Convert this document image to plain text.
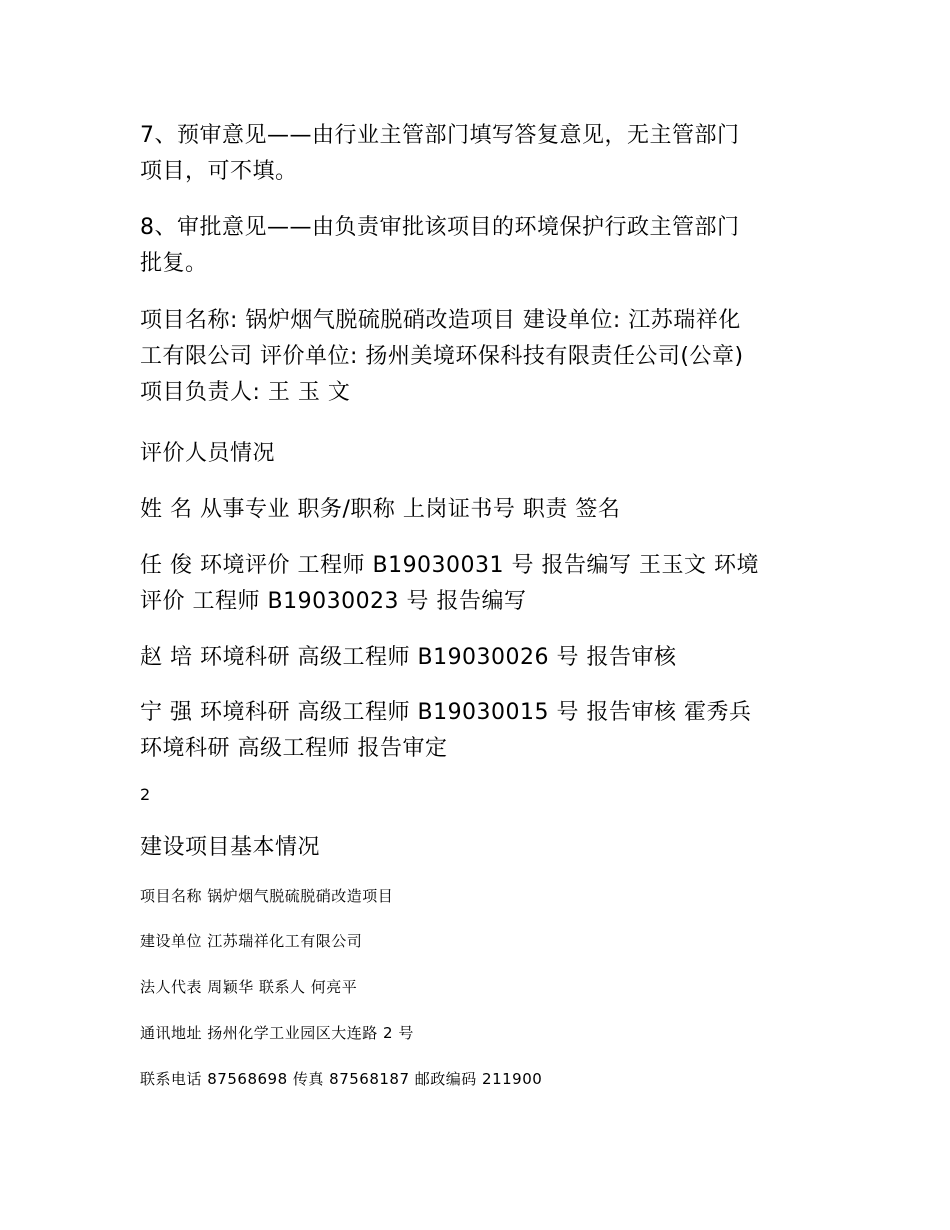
7、预审意见——由行业主管部门填写答复意见，无主管部门
项目，可不填。

8、审批意见——由负责审批该项目的环境保护行政主管部门
批复。

项目名称: 锅炉烟气脱硫脱硝改造项目 建设单位: 江苏瑞祥化
工有限公司 评价单位: 扬州美境环保科技有限责任公司(公章)
项目负责人: 王 玉 文

评价人员情况

姓 名 从事专业 职务/职称 上岗证书号 职责 签名

任 俊 环境评价 工程师 B19030031 号 报告编写 王玉文 环境
评价 工程师 B19030023 号 报告编写

赵 培 环境科研 高级工程师 B19030026 号 报告审核

宁 强 环境科研 高级工程师 B19030015 号 报告审核 霍秀兵
环境科研 高级工程师 报告审定

2

建设项目基本情况

项目名称 锅炉烟气脱硫脱硝改造项目

建设单位 江苏瑞祥化工有限公司

法人代表 周颖华 联系人 何亮平

通讯地址 扬州化学工业园区大连路 2 号

联系电话 87568698 传真 87568187 邮政编码 211900
